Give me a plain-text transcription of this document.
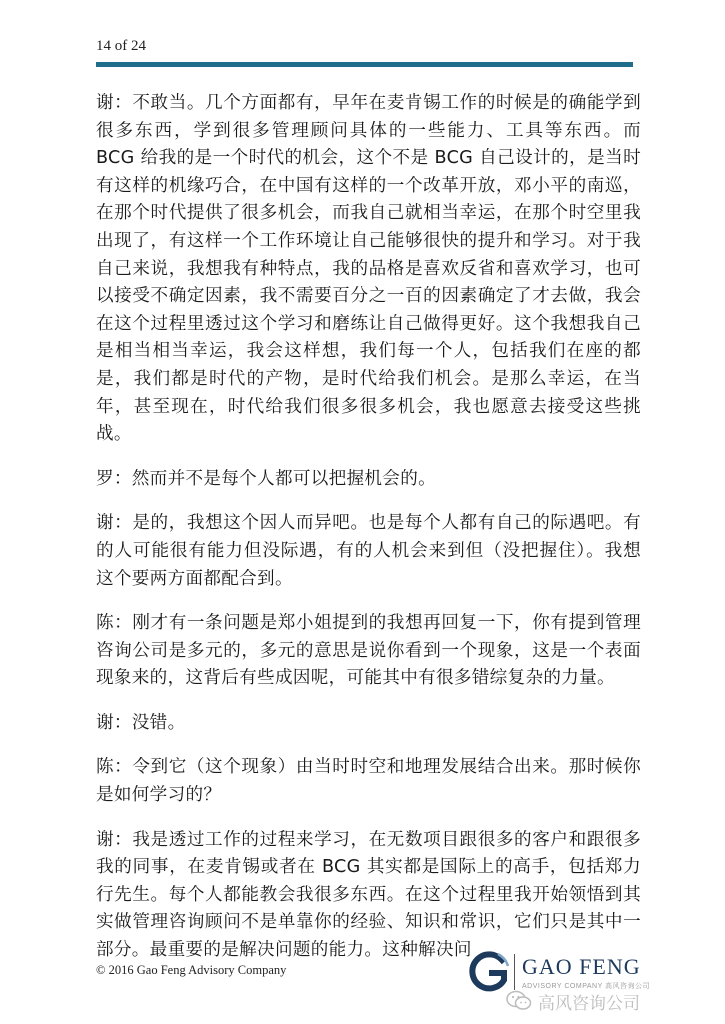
14 of 24

谢：不敢当。几个方面都有，早年在麦肯锡工作的时候是的确能学到很多东西，学到很多管理顾问具体的一些能力、工具等东西。而 BCG 给我的是一个时代的机会，这个不是 BCG 自己设计的，是当时有这样的机缘巧合，在中国有这样的一个改革开放，邓小平的南巡，在那个时代提供了很多机会，而我自己就相当幸运，在那个时空里我出现了，有这样一个工作环境让自己能够很快的提升和学习。对于我自己来说，我想我有种特点，我的品格是喜欢反省和喜欢学习，也可以接受不确定因素，我不需要百分之一百的因素确定了才去做，我会在这个过程里透过这个学习和磨练让自己做得更好。这个我想我自己是相当相当幸运，我会这样想，我们每一个人，包括我们在座的都是，我们都是时代的产物，是时代给我们机会。是那么幸运，在当年，甚至现在，时代给我们很多很多机会，我也愿意去接受这些挑战。

罗：然而并不是每个人都可以把握机会的。

谢：是的，我想这个因人而异吧。也是每个人都有自己的际遇吧。有的人可能很有能力但没际遇，有的人机会来到但（没把握住）。我想这个要两方面都配合到。

陈：刚才有一条问题是郑小姐提到的我想再回复一下，你有提到管理咨询公司是多元的，多元的意思是说你看到一个现象，这是一个表面现象来的，这背后有些成因呢，可能其中有很多错综复杂的力量。

谢：没错。

陈：令到它（这个现象）由当时时空和地理发展结合出来。那时候你是如何学习的？

谢：我是透过工作的过程来学习，在无数项目跟很多的客户和跟很多我的同事，在麦肯锡或者在 BCG 其实都是国际上的高手，包括郑力行先生。每个人都能教会我很多东西。在这个过程里我开始领悟到其实做管理咨询顾问不是单靠你的经验、知识和常识，它们只是其中一部分。最重要的是解决问题的能力。这种解决问

© 2016 Gao Feng Advisory Company	GAO FENG
ADVISORY COMPANY 高风咨询公司
高风咨询公司
